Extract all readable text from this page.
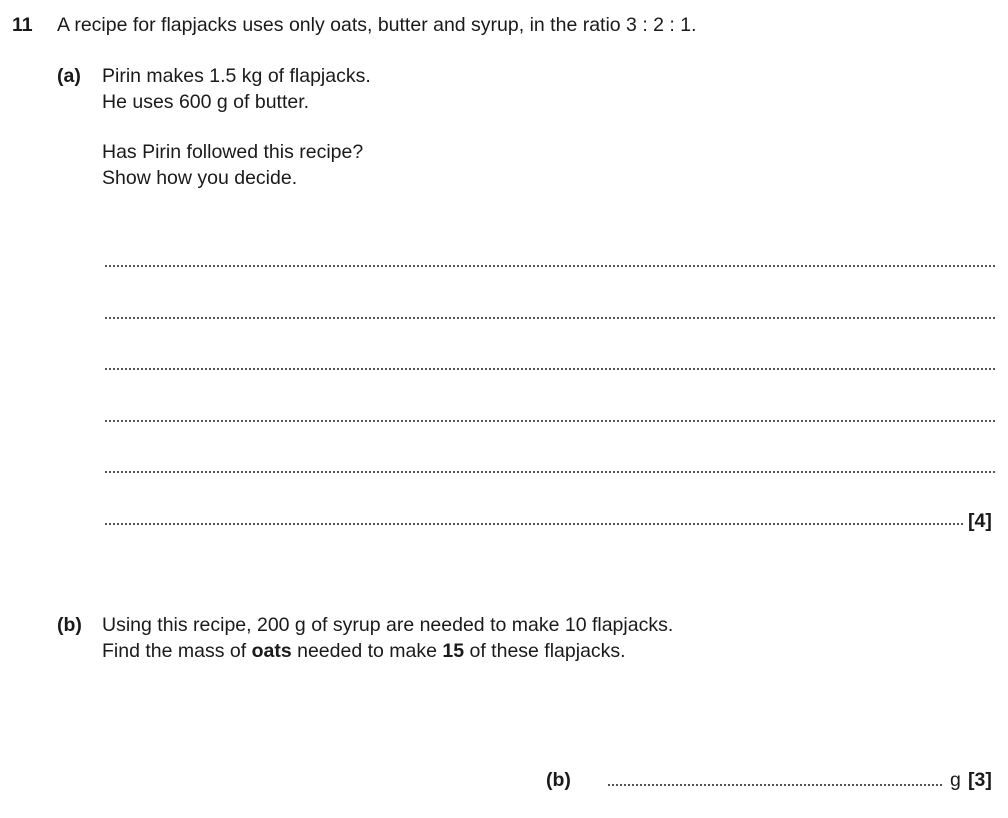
11 A recipe for flapjacks uses only oats, butter and syrup, in the ratio 3 : 2 : 1.
(a) Pirin makes 1.5 kg of flapjacks.
He uses 600 g of butter.
Has Pirin followed this recipe?
Show how you decide.
[4]
(b) Using this recipe, 200 g of syrup are needed to make 10 flapjacks.
Find the mass of oats needed to make 15 of these flapjacks.
(b)	g [3]
